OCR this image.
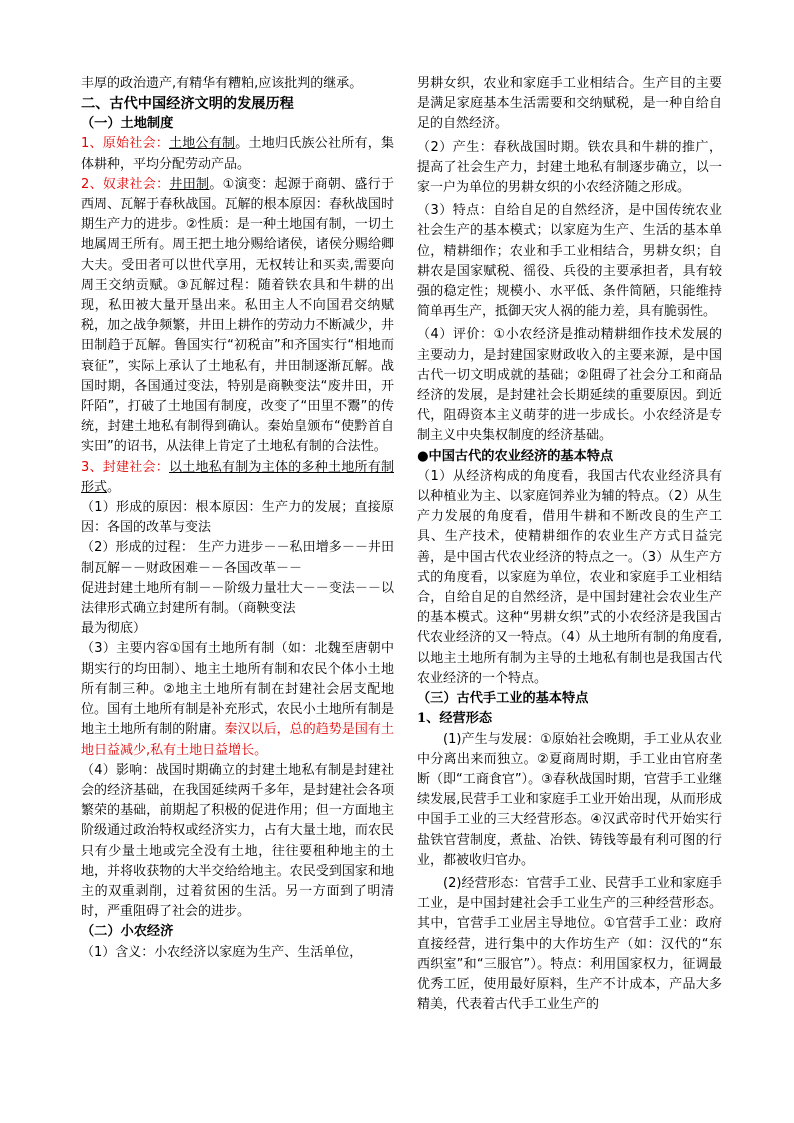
丰厚的政治遗产,有精华有糟粕,应该批判的继承。

二、古代中国经济文明的发展历程

（一）土地制度

1、原始社会：土地公有制。土地归氏族公社所有，集体耕种，平均分配劳动产品。

2、奴隶社会：井田制。①演变：起源于商朝、盛行于西周、瓦解于春秋战国。瓦解的根本原因：春秋战国时期生产力的进步。②性质：是一种土地国有制，一切土地属周王所有。周王把土地分赐给诸侯，诸侯分赐给卿大夫。受田者可以世代享用，无权转让和买卖,需要向周王交纳贡赋。③瓦解过程：随着铁农具和牛耕的出现，私田被大量开垦出来。私田主人不向国君交纳赋税，加之战争频繁，井田上耕作的劳动力不断减少，井田制趋于瓦解。鲁国实行“初税亩”和齐国实行“相地而衰征”，实际上承认了土地私有，井田制逐渐瓦解。战国时期，各国通过变法，特别是商鞅变法“废井田，开阡陌”，打破了土地国有制度，改变了“田里不鬻”的传统，封建土地私有制得到确认。秦始皇颁布“使黔首自实田”的诏书，从法律上肯定了土地私有制的合法性。

3、封建社会：以土地私有制为主体的多种土地所有制形式。

（1）形成的原因：根本原因：生产力的发展；直接原因：各国的改革与变法

（2）形成的过程： 生产力进步－－私田增多－－井田制瓦解－－财政困难－－各国改革－－

促进封建土地所有制－－阶级力量壮大－－变法－－以法律形式确立封建所有制。（商鞅变法

最为彻底）

（3）主要内容①国有土地所有制（如：北魏至唐朝中期实行的均田制）、地主土地所有制和农民个体小土地所有制三种。②地主土地所有制在封建社会居支配地位。国有土地所有制是补充形式，农民小土地所有制是地主土地所有制的附庸。秦汉以后，总的趋势是国有土地日益减少,私有土地日益增长。

（4）影响：战国时期确立的封建土地私有制是封建社会的经济基础，在我国延续两千多年，是封建社会各项繁荣的基础，前期起了积极的促进作用；但一方面地主阶级通过政治特权或经济实力，占有大量土地，而农民只有少量土地或完全没有土地，往往要租种地主的土地，并将收获物的大半交给给地主。农民受到国家和地主的双重剥削，过着贫困的生活。另一方面到了明清时，严重阻碍了社会的进步。

（二）小农经济

（1）含义：小农经济以家庭为生产、生活单位，

男耕女织，农业和家庭手工业相结合。生产目的主要是满足家庭基本生活需要和交纳赋税，是一种自给自足的自然经济。

（2）产生：春秋战国时期。铁农具和牛耕的推广，提高了社会生产力，封建土地私有制逐步确立，以一家一户为单位的男耕女织的小农经济随之形成。

（3）特点：自给自足的自然经济，是中国传统农业社会生产的基本模式；以家庭为生产、生活的基本单位，精耕细作；农业和手工业相结合，男耕女织；自耕农是国家赋税、徭役、兵役的主要承担者，具有较强的稳定性；规模小、水平低、条件简陋，只能维持简单再生产，抵御天灾人祸的能力差，具有脆弱性。

（4）评价：①小农经济是推动精耕细作技术发展的主要动力，是封建国家财政收入的主要来源，是中国古代一切文明成就的基础；②阻碍了社会分工和商品经济的发展，是封建社会长期延续的重要原因。到近代，阻碍资本主义萌芽的进一步成长。小农经济是专制主义中央集权制度的经济基础。

●中国古代的农业经济的基本特点

（1）从经济构成的角度看，我国古代农业经济具有以种植业为主、以家庭饲养业为辅的特点。（2）从生产力发展的角度看，借用牛耕和不断改良的生产工具、生产技术，使精耕细作的农业生产方式日益完善，是中国古代农业经济的特点之一。（3）从生产方式的角度看，以家庭为单位，农业和家庭手工业相结合，自给自足的自然经济，是中国封建社会农业生产的基本模式。这种“男耕女织”式的小农经济是我国古代农业经济的又一特点。（4）从土地所有制的角度看,以地主土地所有制为主导的土地私有制也是我国古代农业经济的一个特点。

（三）古代手工业的基本特点

1、经营形态

(1)产生与发展：①原始社会晚期，手工业从农业中分离出来而独立。②夏商周时期，手工业由官府垄断（即“工商食官”）。③春秋战国时期，官营手工业继续发展,民营手工业和家庭手工业开始出现，从而形成中国手工业的三大经营形态。④汉武帝时代开始实行盐铁官营制度，煮盐、冶铁、铸钱等最有利可图的行业，都被收归官办。

(2)经营形态：官营手工业、民营手工业和家庭手工业，是中国封建社会手工业生产的三种经营形态。其中，官营手工业居主导地位。①官营手工业：政府直接经营，进行集中的大作坊生产（如：汉代的“东西织室”和“三服官”）。特点：利用国家权力，征调最优秀工匠，使用最好原料，生产不计成本，产品大多精美，代表着古代手工业生产的
